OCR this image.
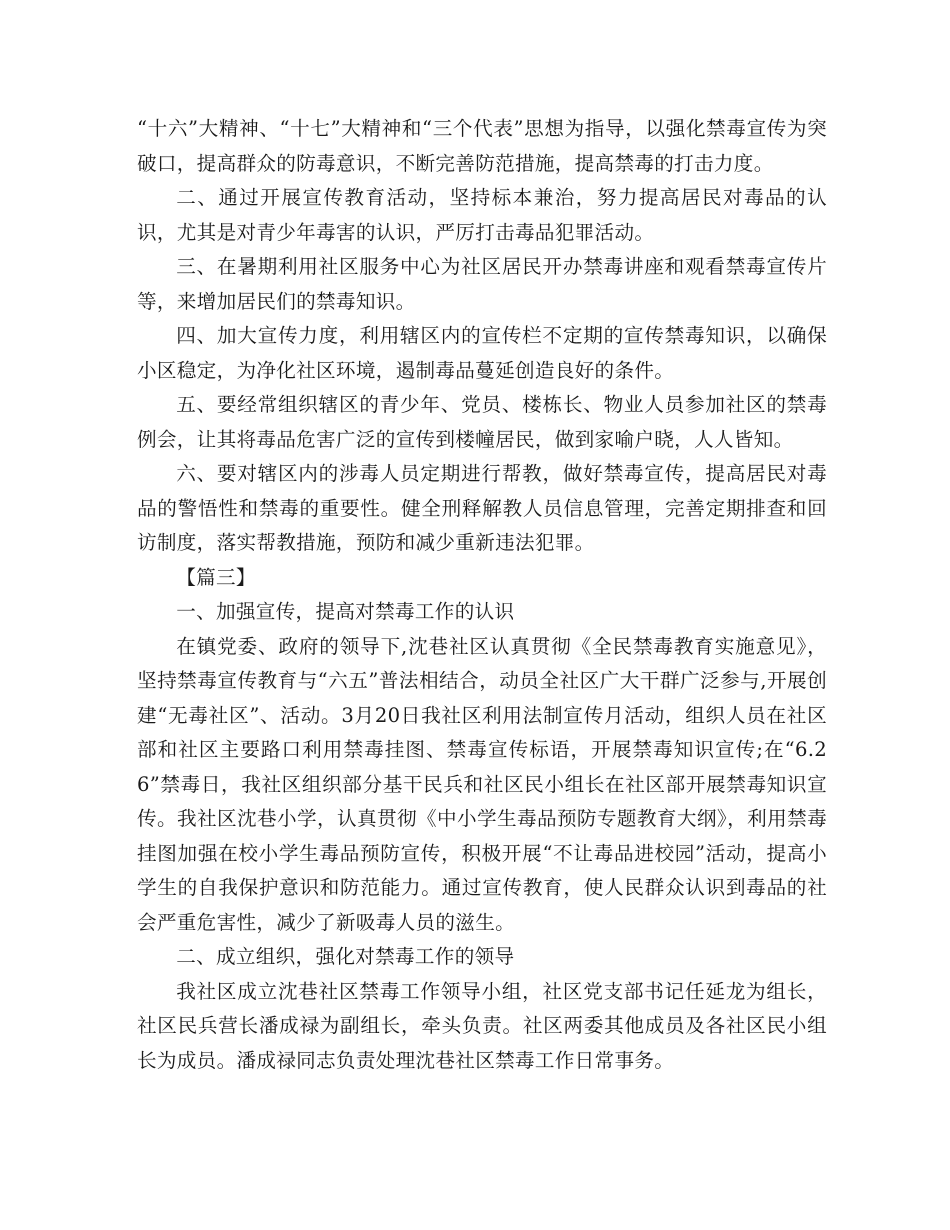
“十六”大精神、“十七”大精神和“三个代表”思想为指导，以强化禁毒宣传为突破口，提高群众的防毒意识，不断完善防范措施，提高禁毒的打击力度。

二、通过开展宣传教育活动，坚持标本兼治，努力提高居民对毒品的认识，尤其是对青少年毒害的认识，严厉打击毒品犯罪活动。

三、在暑期利用社区服务中心为社区居民开办禁毒讲座和观看禁毒宣传片等，来增加居民们的禁毒知识。

四、加大宣传力度，利用辖区内的宣传栏不定期的宣传禁毒知识，以确保小区稳定，为净化社区环境，遏制毒品蔓延创造良好的条件。

五、要经常组织辖区的青少年、党员、楼栋长、物业人员参加社区的禁毒例会，让其将毒品危害广泛的宣传到楼幢居民，做到家喻户晓，人人皆知。

六、要对辖区内的涉毒人员定期进行帮教，做好禁毒宣传，提高居民对毒品的警悟性和禁毒的重要性。健全刑释解教人员信息管理，完善定期排查和回访制度，落实帮教措施，预防和减少重新违法犯罪。

【篇三】

一、加强宣传，提高对禁毒工作的认识

在镇党委、政府的领导下,沈巷社区认真贯彻《全民禁毒教育实施意见》，坚持禁毒宣传教育与“六五”普法相结合，动员全社区广大干群广泛参与,开展创建“无毒社区”、活动。3月20日我社区利用法制宣传月活动，组织人员在社区部和社区主要路口利用禁毒挂图、禁毒宣传标语，开展禁毒知识宣传;在“6.26”禁毒日，我社区组织部分基干民兵和社区民小组长在社区部开展禁毒知识宣传。我社区沈巷小学，认真贯彻《中小学生毒品预防专题教育大纲》，利用禁毒挂图加强在校小学生毒品预防宣传，积极开展“不让毒品进校园”活动，提高小学生的自我保护意识和防范能力。通过宣传教育，使人民群众认识到毒品的社会严重危害性，减少了新吸毒人员的滋生。

二、成立组织，强化对禁毒工作的领导

我社区成立沈巷社区禁毒工作领导小组，社区党支部书记任延龙为组长，社区民兵营长潘成禄为副组长，牵头负责。社区两委其他成员及各社区民小组长为成员。潘成禄同志负责处理沈巷社区禁毒工作日常事务。
